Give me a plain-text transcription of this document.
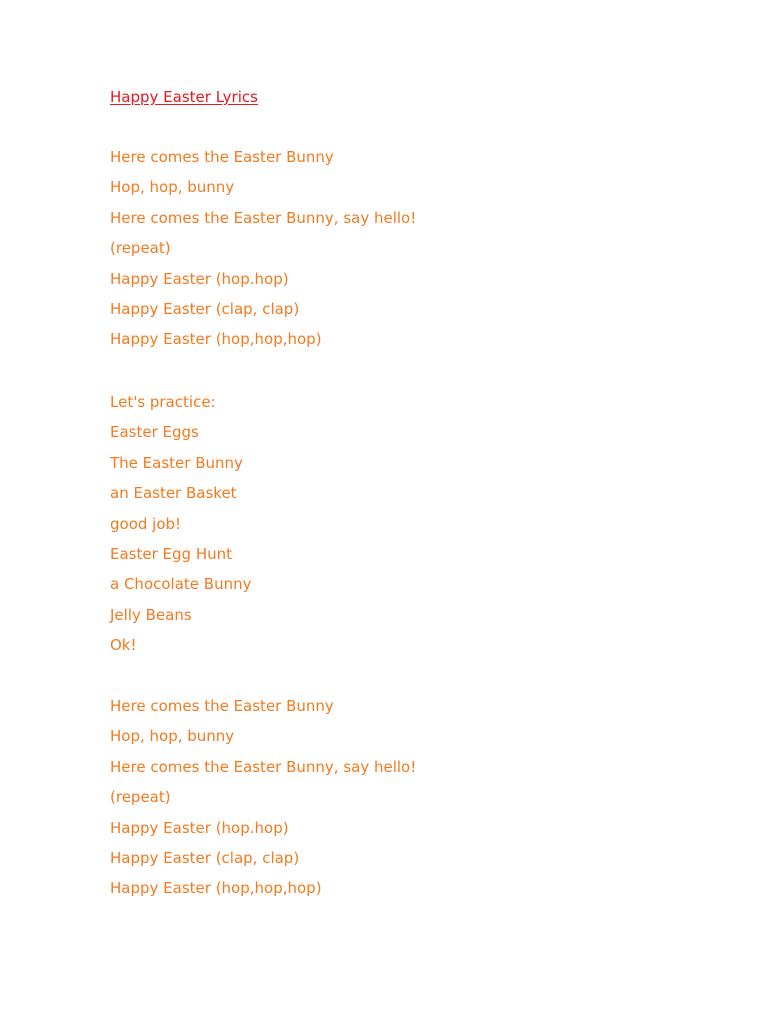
Happy Easter Lyrics
Here comes the Easter Bunny
Hop, hop, bunny
Here comes the Easter Bunny, say hello!
(repeat)
Happy Easter (hop.hop)
Happy Easter (clap, clap)
Happy Easter (hop,hop,hop)
Let's practice:
Easter Eggs
The Easter Bunny
an Easter Basket
good job!
Easter Egg Hunt
a Chocolate Bunny
Jelly Beans
Ok!
Here comes the Easter Bunny
Hop, hop, bunny
Here comes the Easter Bunny, say hello!
(repeat)
Happy Easter (hop.hop)
Happy Easter (clap, clap)
Happy Easter (hop,hop,hop)
